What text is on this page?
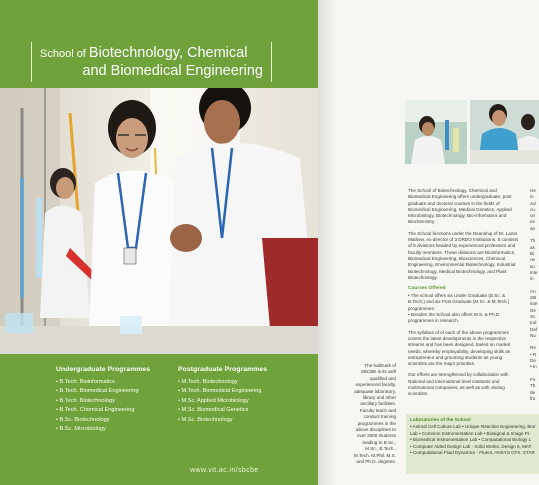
School of Biotechnology, Chemical
and Biomedical Engineering
Undergraduate Programmes
• B.Tech. Bioinformatics
• B.Tech. Biomedical Engineering
• B.Tech. Biotechnology
• B.Tech. Chemical Engineering
• B.Sc. Biotechnology
• B.Sc. Microbiology
Postgraduate Programmes
• M.Tech. Biotechnology
• M.Tech. Biomedical Engineering
• M.Sc. Applied Microbiology
• M.Sc. Biomedical Genetics
• M.Sc. Biotechnology
www.vit.ac.in/sbcbe
The hallmark of
SBCBE is its well
qualified and
experienced faculty,
adequate laboratory,
library and other
ancillary facilities.
Faculty teach and
conduct training
programmes in the
above disciplines to
over 3000 students
leading to B.Sc.,
M.Sc., B.Tech.,
M.Tech. M.Phil. M.S.
and Ph.D. degrees.

The School of Biotechnology, Chemical and Biomedical Engineering offers undergraduate, post graduate and doctoral courses in the fields of Biomedical Engineering, Medical Genetics, Applied Microbiology, Biotechnology, Bio-informatics and Biochemistry.

The School functions under the Deanship of Dr. Lazar Mathew, ex-director of 3 DRDO Institutions. It consists of 8 divisions headed by experienced professors and faculty members. These divisions are Bioinformatics, Biomedical Engineering, Biosciences, Chemical Engineering, Environmental Biotechnology, Industrial Biotechnology, Medical Biotechnology, and Plant Biotechnology.

Courses Offered
• The school offers six Under Graduate (B.Sc. & B.Tech.) and six Post Graduate (M.Sc. & M.Tech.) programmes.
• Besides the School also offers M.S. & Ph.D. programmes in research.

The syllabus of of each of the above programmes covers the latest developments in the respective streams and has been designed, based on market needs, whereby employability, developing skills as entrepreneur and grooming students as young scientists are the major priorities.

Our efforts are strengthened by collaboration with National and International level institutes and multinational companies, as well as with visiting scientists.

Laboratories of the School
• Animal Cell Culture Lab • Unique Reaction Engineering, Bior
Lab • Common Instrumentation Lab • Biosignal & Image Pr
• Biomedical Instrumentation Lab • Computational Biology L
• Computer Aided Design Lab - Solid Works, Design 6, MAT
• Computational Fluid Dynamics - Fluent, ANSYS CFX, STAR
He
in
Ad
cu
un
ex
an

Th
as
Bi
ne
su
inte
in

An
SB
inte
De
Sc
Ind
Def
Nu

Re
• R
De
• In

Fo
Th
de
fro
